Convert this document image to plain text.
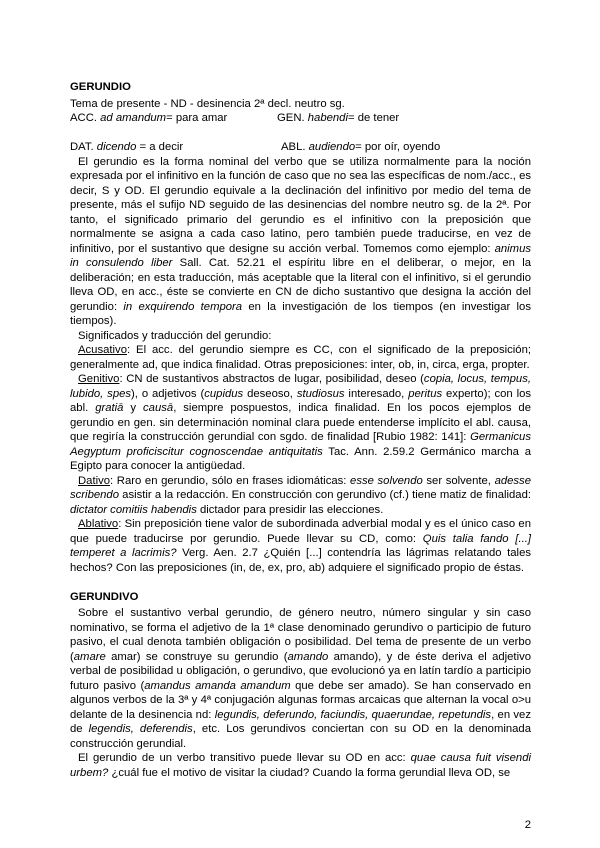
GERUNDIO

Tema de presente - ND - desinencia 2ª decl. neutro sg.

ACC. ad amandum= para amar	GEN. habendi= de tener

DAT. dicendo = a decir	ABL. audiendo= por oír, oyendo

El gerundio es la forma nominal del verbo que se utiliza normalmente para la noción expresada por el infinitivo en la función de caso que no sea las específicas de nom./acc., es decir, S y OD. El gerundio equivale a la declinación del infinitivo por medio del tema de presente, más el sufijo ND seguido de las desinencias del nombre neutro sg. de la 2ª. Por tanto, el significado primario del gerundio es el infinitivo con la preposición que normalmente se asigna a cada caso latino, pero también puede traducirse, en vez de infinitivo, por el sustantivo que designe su acción verbal. Tomemos como ejemplo: animus in consulendo liber Sall. Cat. 52.21 el espíritu libre en el deliberar, o mejor, en la deliberación; en esta traducción, más aceptable que la literal con el infinitivo, si el gerundio lleva OD, en acc., éste se convierte en CN de dicho sustantivo que designa la acción del gerundio: in exquirendo tempora en la investigación de los tiempos (en investigar los tiempos).

Significados y traducción del gerundio:

Acusativo: El acc. del gerundio siempre es CC, con el significado de la preposición; generalmente ad, que indica finalidad. Otras preposiciones: inter, ob, in, circa, erga, propter.

Genitivo: CN de sustantivos abstractos de lugar, posibilidad, deseo (copia, locus, tempus, lubido, spes), o adjetivos (cupidus deseoso, studiosus interesado, peritus experto); con los abl. gratiā y causā, siempre pospuestos, indica finalidad. En los pocos ejemplos de gerundio en gen. sin determinación nominal clara puede entenderse implícito el abl. causa, que regiría la construcción gerundial con sgdo. de finalidad [Rubio 1982: 141]: Germanicus Aegyptum proficiscitur cognoscendae antiquitatis Tac. Ann. 2.59.2 Germánico marcha a Egipto para conocer la antigüedad.

Dativo: Raro en gerundio, sólo en frases idiomáticas: esse solvendo ser solvente, adesse scribendo asistir a la redacción. En construcción con gerundivo (cf.) tiene matiz de finalidad: dictator comitiis habendis dictador para presidir las elecciones.

Ablativo: Sin preposición tiene valor de subordinada adverbial modal y es el único caso en que puede traducirse por gerundio. Puede llevar su CD, como: Quis talia fando [...] temperet a lacrimis? Verg. Aen. 2.7 ¿Quién [...] contendría las lágrimas relatando tales hechos? Con las preposiciones (in, de, ex, pro, ab) adquiere el significado propio de éstas.

GERUNDIVO

Sobre el sustantivo verbal gerundio, de género neutro, número singular y sin caso nominativo, se forma el adjetivo de la 1ª clase denominado gerundivo o participio de futuro pasivo, el cual denota también obligación o posibilidad. Del tema de presente de un verbo (amare amar) se construye su gerundio (amando amando), y de éste deriva el adjetivo verbal de posibilidad u obligación, o gerundivo, que evolucionó ya en latín tardío a participio futuro pasivo (amandus amanda amandum que debe ser amado). Se han conservado en algunos verbos de la 3ª y 4ª conjugación algunas formas arcaicas que alternan la vocal o>u delante de la desinencia nd: legundis, deferundo, faciundis, quaerundae, repetundis, en vez de legendis, deferendis, etc. Los gerundivos conciertan con su OD en la denominada construcción gerundial.

El gerundio de un verbo transitivo puede llevar su OD en acc: quae causa fuit visendi urbem? ¿cuál fue el motivo de visitar la ciudad? Cuando la forma gerundial lleva OD, se

2
